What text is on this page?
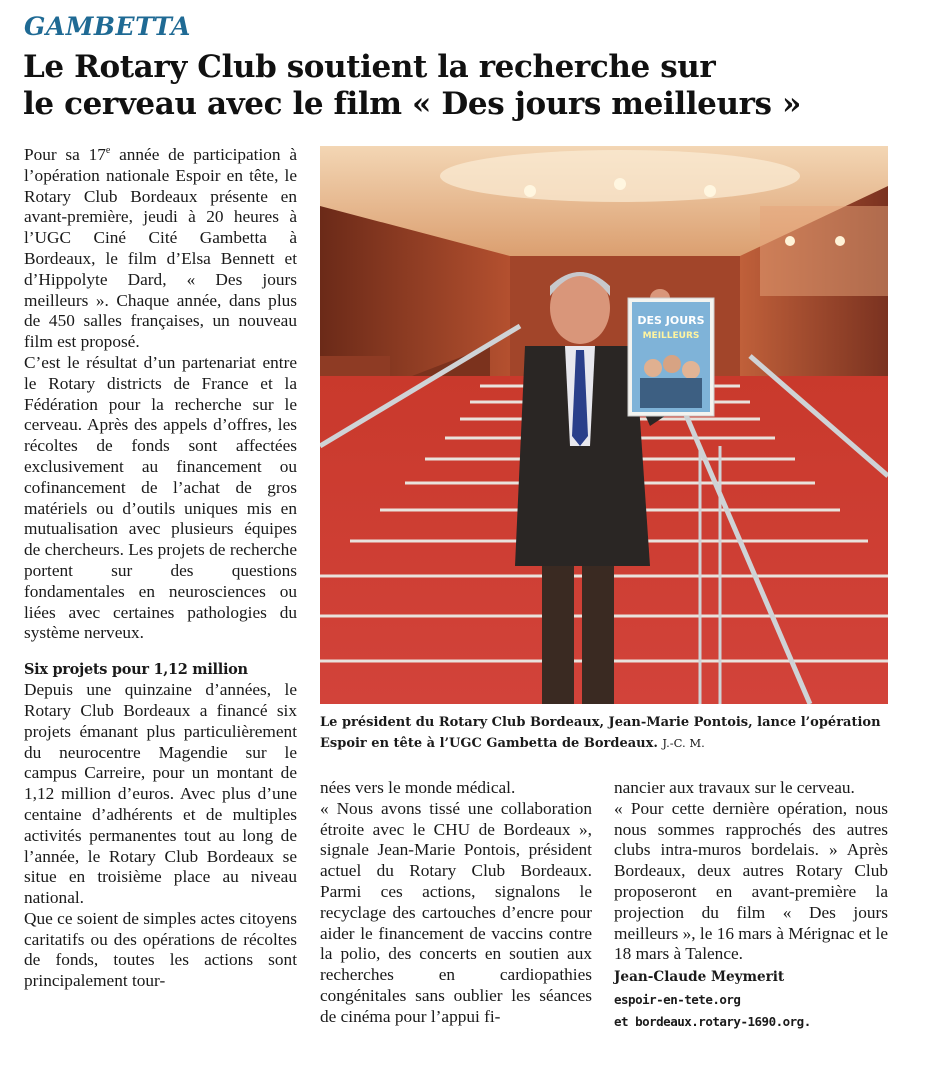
GAMBETTA
Le Rotary Club soutient la recherche sur
le cerveau avec le film « Des jours meilleurs »

Pour sa 17e année de participation à l’opération nationale Espoir en tête, le Rotary Club Bordeaux présente en avant-première, jeudi à 20 heures à l’UGC Ciné Cité Gambetta à Bordeaux, le film d’Elsa Bennett et d’Hippolyte Dard, « Des jours meilleurs ». Chaque année, dans plus de 450 salles françaises, un nouveau film est proposé.

C’est le résultat d’un partenariat entre le Rotary districts de France et la Fédération pour la recherche sur le cerveau. Après des appels d’offres, les récoltes de fonds sont affectées exclusivement au financement ou cofinancement de l’achat de gros matériels ou d’outils uniques mis en mutualisation avec plusieurs équipes de chercheurs. Les projets de recherche portent sur des questions fondamentales en neurosciences ou liées avec certaines pathologies du système nerveux.

Six projets pour 1,12 million

Depuis une quinzaine d’années, le Rotary Club Bordeaux a financé six projets émanant plus particulièrement du neurocentre Magendie sur le campus Carreire, pour un montant de 1,12 million d’euros. Avec plus d’une centaine d’adhérents et de multiples activités permanentes tout au long de l’année, le Rotary Club Bordeaux se situe en troisième place au niveau national.

Que ce soient de simples actes citoyens caritatifs ou des opérations de récoltes de fonds, toutes les actions sont principalement tour-

DES JOURS
MEILLEURS
Le président du Rotary Club Bordeaux, Jean-Marie Pontois, lance l’opération Espoir en tête à l’UGC Gambetta de Bordeaux. J.-C. M.

nées vers le monde médical.

« Nous avons tissé une collaboration étroite avec le CHU de Bordeaux », signale Jean-Marie Pontois, président actuel du Rotary Club Bordeaux. Parmi ces actions, signalons le recyclage des cartouches d’encre pour aider le financement de vaccins contre la polio, des concerts en soutien aux recherches en cardiopathies congénitales sans oublier les séances de cinéma pour l’appui fi-

nancier aux travaux sur le cerveau.

« Pour cette dernière opération, nous nous sommes rapprochés des autres clubs intra-muros bordelais. » Après Bordeaux, deux autres Rotary Club proposeront en avant-première la projection du film « Des jours meilleurs », le 16 mars à Mérignac et le 18 mars à Talence.

Jean-Claude Meymerit
espoir-en-tete.org
et bordeaux.rotary-1690.org.
